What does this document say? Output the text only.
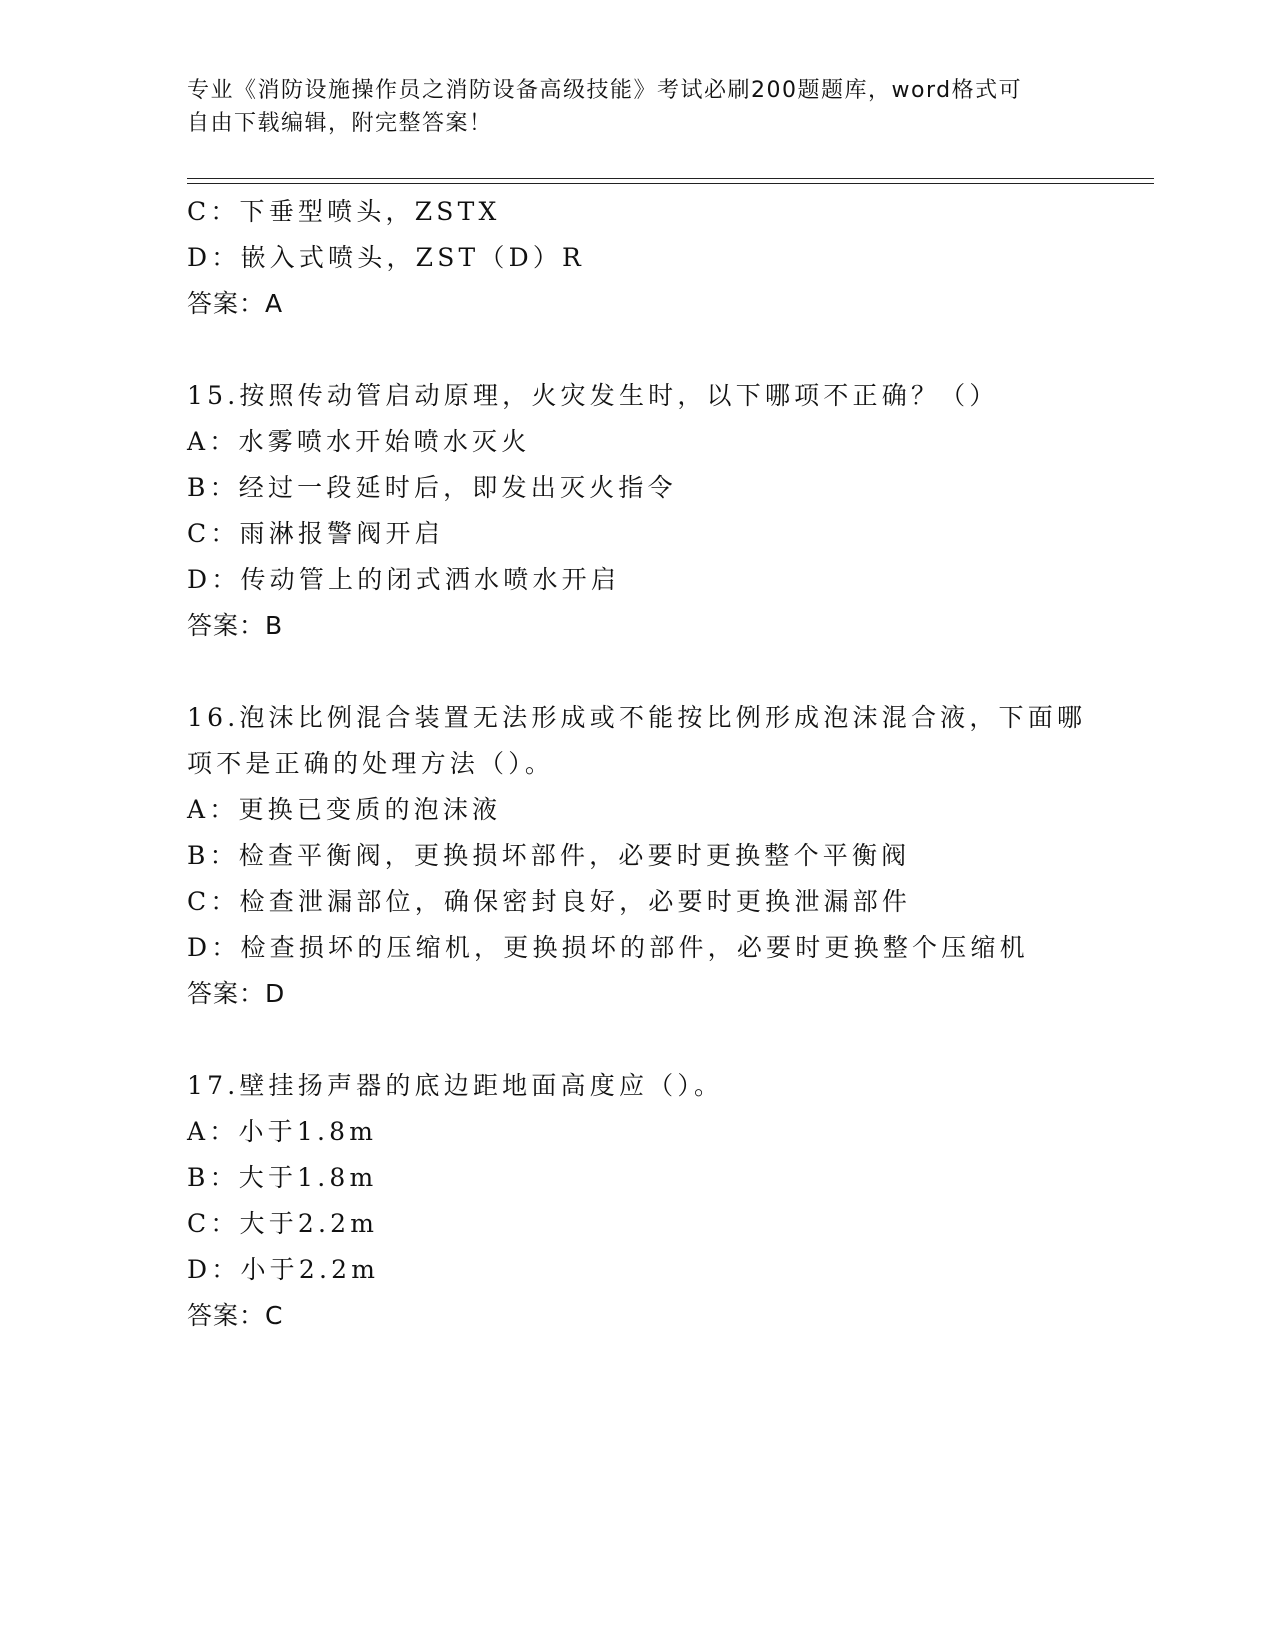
专业《消防设施操作员之消防设备高级技能》考试必刷200题题库，word格式可
自由下载编辑，附完整答案！
C：下垂型喷头，ZSTX
D：嵌入式喷头，ZST（D）R
答案：A
15.按照传动管启动原理，火灾发生时，以下哪项不正确？（）
A：水雾喷水开始喷水灭火
B：经过一段延时后，即发出灭火指令
C：雨淋报警阀开启
D：传动管上的闭式洒水喷水开启
答案：B
16.泡沫比例混合装置无法形成或不能按比例形成泡沫混合液，下面哪
项不是正确的处理方法（）。
A：更换已变质的泡沫液
B：检查平衡阀，更换损坏部件，必要时更换整个平衡阀
C：检查泄漏部位，确保密封良好，必要时更换泄漏部件
D：检查损坏的压缩机，更换损坏的部件，必要时更换整个压缩机
答案：D
17.壁挂扬声器的底边距地面高度应（）。
A：小于1.8m
B：大于1.8m
C：大于2.2m
D：小于2.2m
答案：C
